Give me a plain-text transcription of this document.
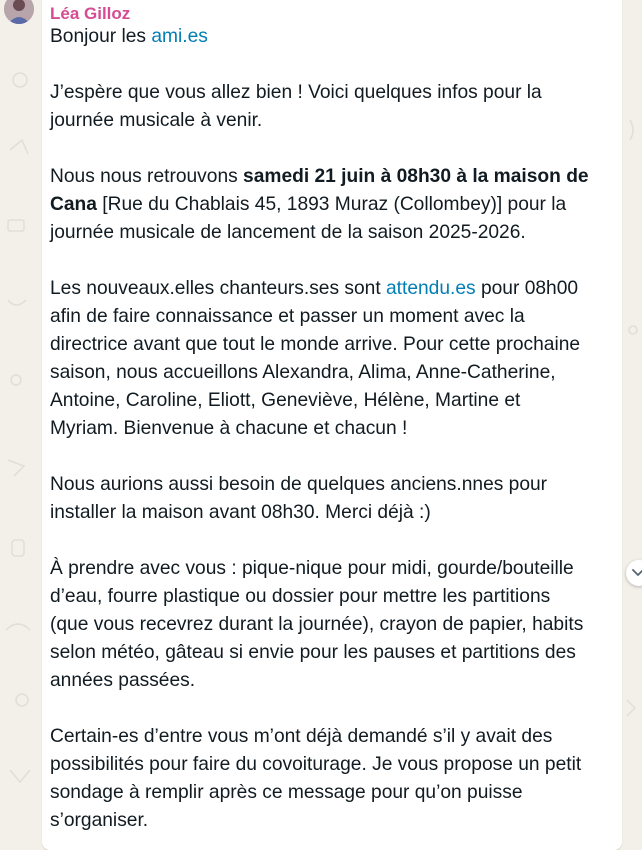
Léa Gilloz

Bonjour les ami.es

J’espère que vous allez bien ! Voici quelques infos pour la
journée musicale à venir.

Nous nous retrouvons samedi 21 juin à 08h30 à la maison de
Cana [Rue du Chablais 45, 1893 Muraz (Collombey)] pour la
journée musicale de lancement de la saison 2025-2026.

Les nouveaux.elles chanteurs.ses sont attendu.es pour 08h00
afin de faire connaissance et passer un moment avec la
directrice avant que tout le monde arrive. Pour cette prochaine
saison, nous accueillons Alexandra, Alima, Anne-Catherine,
Antoine, Caroline, Eliott, Geneviève, Hélène, Martine et
Myriam. Bienvenue à chacune et chacun !

Nous aurions aussi besoin de quelques anciens.nnes pour
installer la maison avant 08h30. Merci déjà :)

À prendre avec vous : pique-nique pour midi, gourde/bouteille
d’eau, fourre plastique ou dossier pour mettre les partitions
(que vous recevrez durant la journée), crayon de papier, habits
selon météo, gâteau si envie pour les pauses et partitions des
années passées.

Certain-es d’entre vous m’ont déjà demandé s’il y avait des
possibilités pour faire du covoiturage. Je vous propose un petit
sondage à remplir après ce message pour qu’on puisse
s’organiser.
